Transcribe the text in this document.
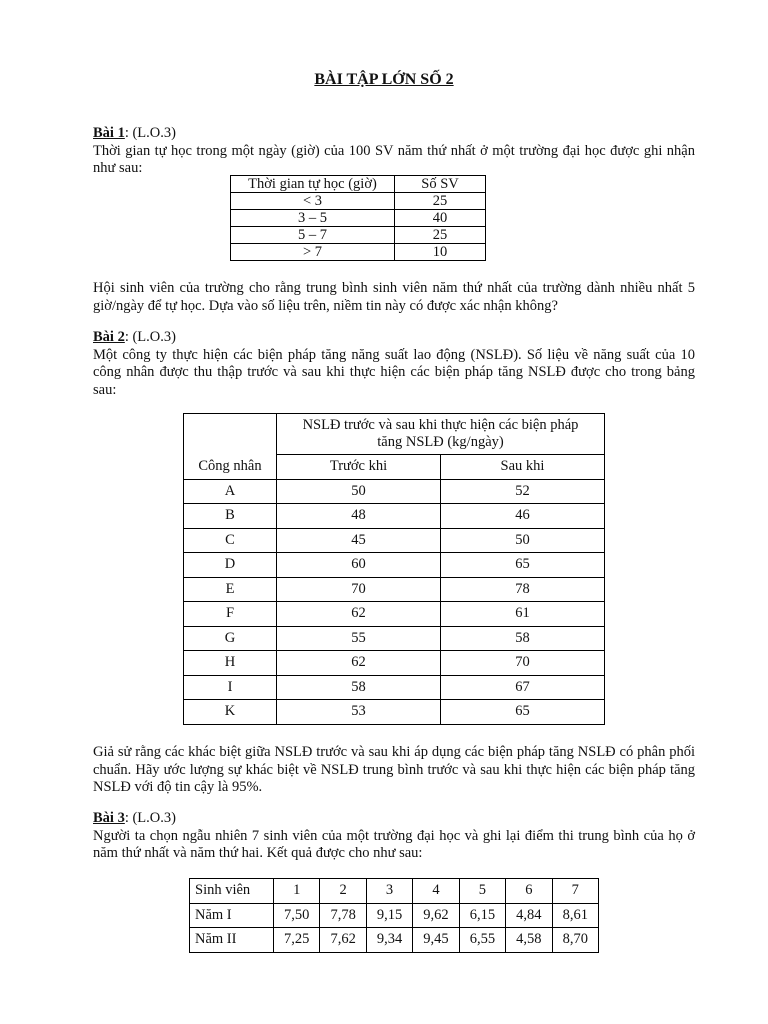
BÀI TẬP LỚN SỐ 2

Bài 1: (L.O.3)

Thời gian tự học trong một ngày (giờ) của 100 SV năm thứ nhất ở một trường đại học được ghi nhận như sau:

Thời gian tự học (giờ)	Số SV
< 3	25
3 – 5	40
5 – 7	25
> 7	10

Hội sinh viên của trường cho rằng trung bình sinh viên năm thứ nhất của trường dành nhiều nhất 5 giờ/ngày để tự học. Dựa vào số liệu trên, niềm tin này có được xác nhận không?

Bài 2: (L.O.3)

Một công ty thực hiện các biện pháp tăng năng suất lao động (NSLĐ). Số liệu về năng suất của 10 công nhân được thu thập trước và sau khi thực hiện các biện pháp tăng NSLĐ được cho trong bảng sau:

Công nhân	NSLĐ trước và sau khi thực hiện các biện pháp tăng NSLĐ (kg/ngày)	
	Trước khi	Sau khi
A	50	52
B	48	46
C	45	50
D	60	65
E	70	78
F	62	61
G	55	58
H	62	70
I	58	67
K	53	65

Giả sử rằng các khác biệt giữa NSLĐ trước và sau khi áp dụng các biện pháp tăng NSLĐ có phân phối chuẩn. Hãy ước lượng sự khác biệt về NSLĐ trung bình trước và sau khi thực hiện các biện pháp tăng NSLĐ với độ tin cậy là 95%.

Bài 3: (L.O.3)

Người ta chọn ngẫu nhiên 7 sinh viên của một trường đại học và ghi lại điểm thi trung bình của họ ở năm thứ nhất và năm thứ hai. Kết quả được cho như sau:

Sinh viên	1	2	3	4	5	6	7
Năm I	7,50	7,78	9,15	9,62	6,15	4,84	8,61
Năm II	7,25	7,62	9,34	9,45	6,55	4,58	8,70
